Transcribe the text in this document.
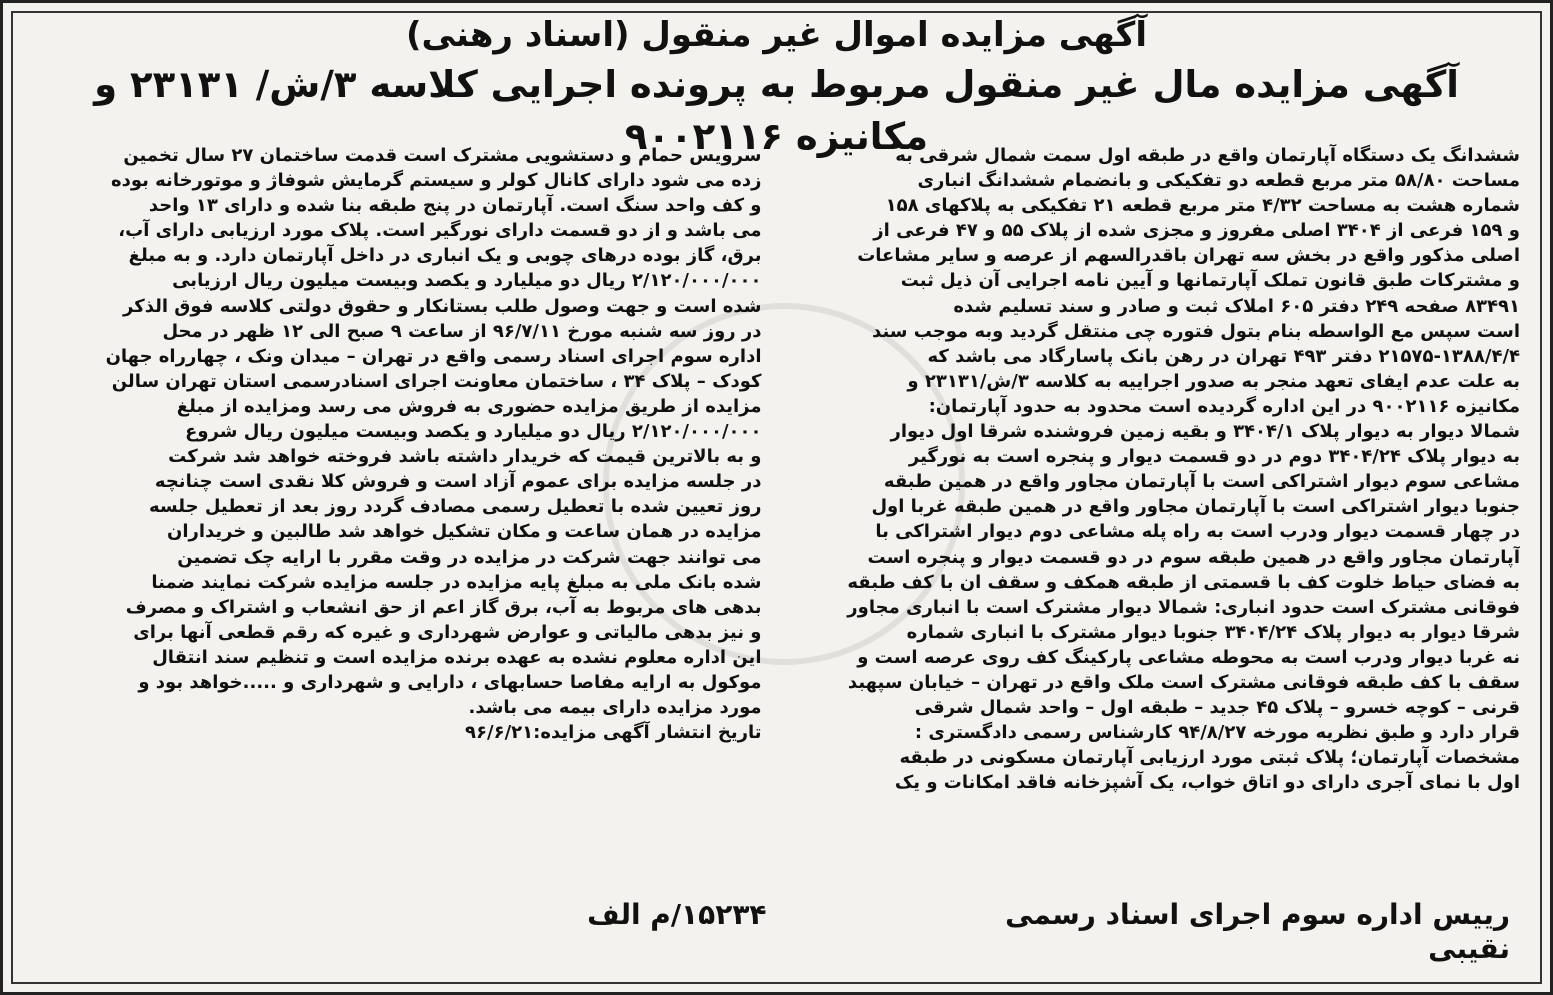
آگهی مزایده اموال غیر منقول (اسناد رهنی)
آگهی مزایده مال غیر منقول مربوط به پرونده اجرایی کلاسه ۳/ش/ ۲۳۱۳۱ و مکانیزه ۹۰۰۲۱۱۶
ششدانگ یک دستگاه آپارتمان واقع در طبقه اول سمت شمال شرقی به
مساحت ۵۸/۸۰ متر مربع قطعه دو تفکیکی و بانضمام ششدانگ انباری
شماره هشت به مساحت ۴/۳۲ متر مربع قطعه ۲۱ تفکیکی به پلاکهای ۱۵۸
و ۱۵۹ فرعی از ۳۴۰۴ اصلی مفروز و مجزی شده از پلاک ۵۵ و ۴۷ فرعی از
اصلی مذکور واقع در بخش سه تهران باقدرالسهم از عرصه و سایر مشاعات
و مشترکات طبق قانون تملک آپارتمانها و آیین نامه اجرایی آن ذیل ثبت
۸۳۴۹۱ صفحه ۲۴۹ دفتر ۶۰۵ املاک ثبت و صادر و سند تسلیم شده
است سپس مع الواسطه بنام بتول فتوره چی منتقل گردید وبه موجب سند
۲۱۵۷۵-۱۳۸۸/۴/۴ دفتر ۴۹۳ تهران در رهن بانک پاسارگاد می باشد که
به علت عدم ایفای تعهد منجر به صدور اجراییه به کلاسه ۳/ش/۲۳۱۳۱ و
مکانیزه ۹۰۰۲۱۱۶ در این اداره گردیده است محدود به حدود آپارتمان:
شمالا دیوار به دیوار پلاک ۳۴۰۴/۱ و بقیه زمین فروشنده شرقا اول دیوار
به دیوار پلاک ۳۴۰۴/۲۴ دوم در دو قسمت دیوار و پنجره است به نورگیر
مشاعی سوم دیوار اشتراکی است با آپارتمان مجاور واقع در همین طبقه
جنوبا دیوار اشتراکی است با آپارتمان مجاور واقع در همین طبقه غربا اول
در چهار قسمت دیوار ودرب است به راه پله مشاعی دوم دیوار اشتراکی با
آپارتمان مجاور واقع در همین طبقه سوم در دو قسمت دیوار و پنجره است
به فضای حیاط خلوت کف با قسمتی از طبقه همکف و سقف ان با کف طبقه
فوقانی مشترک است حدود انباری: شمالا دیوار مشترک است با انباری مجاور
شرقا دیوار به دیوار پلاک ۳۴۰۴/۲۴ جنوبا دیوار مشترک با انباری شماره
نه غربا دیوار ودرب است به محوطه مشاعی پارکینگ کف روی عرصه است و
سقف با کف طبقه فوقانی مشترک است ملک واقع در تهران – خیابان سپهبد
قرنی – کوچه خسرو – پلاک ۴۵ جدید – طبقه اول – واحد شمال شرقی
قرار دارد و طبق نظریه مورخه ۹۴/۸/۲۷ کارشناس رسمی دادگستری :
مشخصات آپارتمان؛ پلاک ثبتی مورد ارزیابی آپارتمان مسکونی در طبقه
اول با نمای آجری دارای دو اتاق خواب، یک آشپزخانه فاقد امکانات و یک
سرویس حمام و دستشویی مشترک است قدمت ساختمان ۲۷ سال تخمین
زده می شود دارای کانال کولر و سیستم گرمایش شوفاژ و موتورخانه بوده
و کف واحد سنگ است. آپارتمان در پنج طبقه بنا شده و دارای ۱۳ واحد
می باشد و از دو قسمت دارای نورگیر است. پلاک مورد ارزیابی دارای آب،
برق، گاز بوده درهای چوبی و یک انباری در داخل آپارتمان دارد. و به مبلغ
۲/۱۲۰/۰۰۰/۰۰۰ ریال دو میلیارد و یکصد وبیست میلیون ریال ارزیابی
شده است و جهت وصول طلب بستانکار و حقوق دولتی کلاسه فوق الذکر
در روز سه شنبه مورخ ۹۶/۷/۱۱ از ساعت ۹ صبح الی ۱۲ ظهر در محل
اداره سوم اجرای اسناد رسمی واقع در تهران – میدان ونک ، چهارراه جهان
کودک – پلاک ۳۴ ، ساختمان معاونت اجرای اسنادرسمی استان تهران سالن
مزایده از طریق مزایده حضوری به فروش می رسد ومزایده از مبلغ
۲/۱۲۰/۰۰۰/۰۰۰ ریال دو میلیارد و یکصد وبیست میلیون ریال شروع
و به بالاترین قیمت که خریدار داشته باشد فروخته خواهد شد شرکت
در جلسه مزایده برای عموم آزاد است و فروش کلا نقدی است چنانچه
روز تعیین شده با تعطیل رسمی مصادف گردد روز بعد از تعطیل جلسه
مزایده در همان ساعت و مکان تشکیل خواهد شد طالبین و خریداران
می توانند جهت شرکت در مزایده در وقت مقرر با ارایه چک تضمین
شده بانک ملی به مبلغ پایه مزایده در جلسه مزایده شرکت نمایند ضمنا
بدهی های مربوط به آب، برق گاز اعم از حق انشعاب و اشتراک و مصرف
و نیز بدهی مالیاتی و عوارض شهرداری و غیره که رقم قطعی آنها برای
این اداره معلوم نشده به عهده برنده مزایده است و تنظیم سند انتقال
موکول به ارایه مفاصا حسابهای ، دارایی و شهرداری و .....خواهد بود و
مورد مزایده دارای بیمه می باشد.
تاریخ انتشار آگهی مزایده:۹۶/۶/۲۱
رییس اداره سوم اجرای اسناد رسمی
نقیبی
۱۵۲۳۴/م الف
